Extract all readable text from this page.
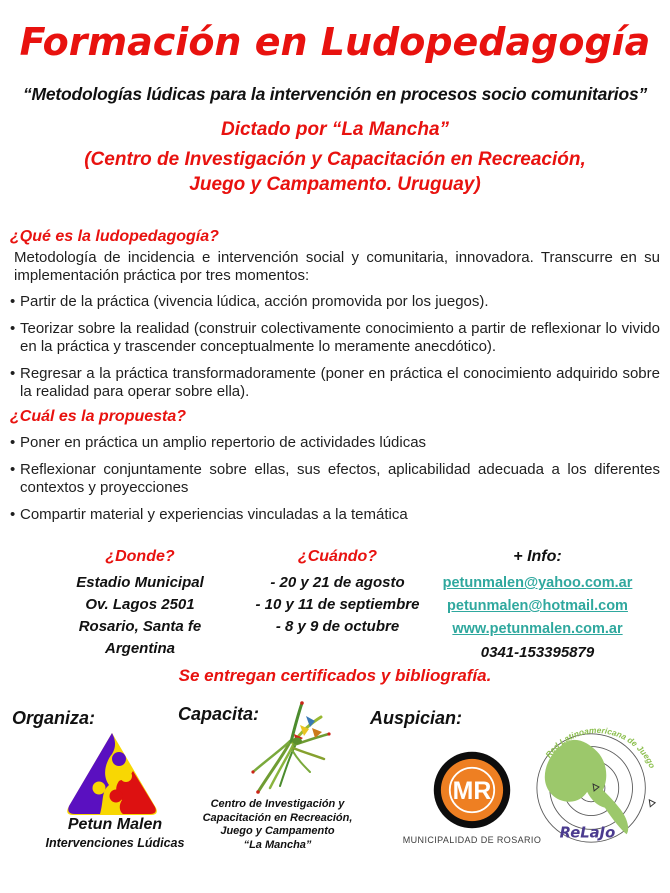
Formación en Ludopedagogía
“Metodologías lúdicas para la intervención en procesos socio comunitarios”
Dictado por “La Mancha”
(Centro de Investigación y Capacitación en Recreación, Juego y Campamento. Uruguay)
¿Qué es la ludopedagogía?
Metodología de incidencia e intervención social y comunitaria, innovadora. Transcurre en su implementación práctica por tres momentos:
• Partir de la práctica (vivencia lúdica, acción promovida por los juegos).
• Teorizar sobre la realidad (construir colectivamente conocimiento a partir de reflexionar lo vivido en la práctica y trascender conceptualmente lo meramente anecdótico).
• Regresar a la práctica transformadoramente (poner en práctica el conocimiento adquirido sobre la realidad para operar sobre ella).
¿Cuál es la propuesta?
• Poner en práctica un amplio repertorio de actividades lúdicas
• Reflexionar conjuntamente sobre ellas, sus efectos, aplicabilidad adecuada a los diferentes contextos y proyecciones
• Compartir material y experiencias vinculadas a la temática
¿Donde?
Estadio Municipal
Ov. Lagos 2501
Rosario, Santa fe
Argentina
¿Cuándo?
- 20 y 21 de agosto
- 10 y 11 de septiembre
- 8 y 9 de octubre
+ Info:
petunmalen@yahoo.com.ar
petunmalen@hotmail.com
www.petunmalen.com.ar
0341-153395879
Se entregan certificados y bibliografía.
Organiza:	Capacita:	Auspician:
Petun Malen
Intervenciones Lúdicas
Centro de Investigación y
Capacitación en Recreación,
Juego y Campamento
“La Mancha”
MR
MUNICIPALIDAD DE ROSARIO
Red Latinoamericana de Juego
ReLaJo
